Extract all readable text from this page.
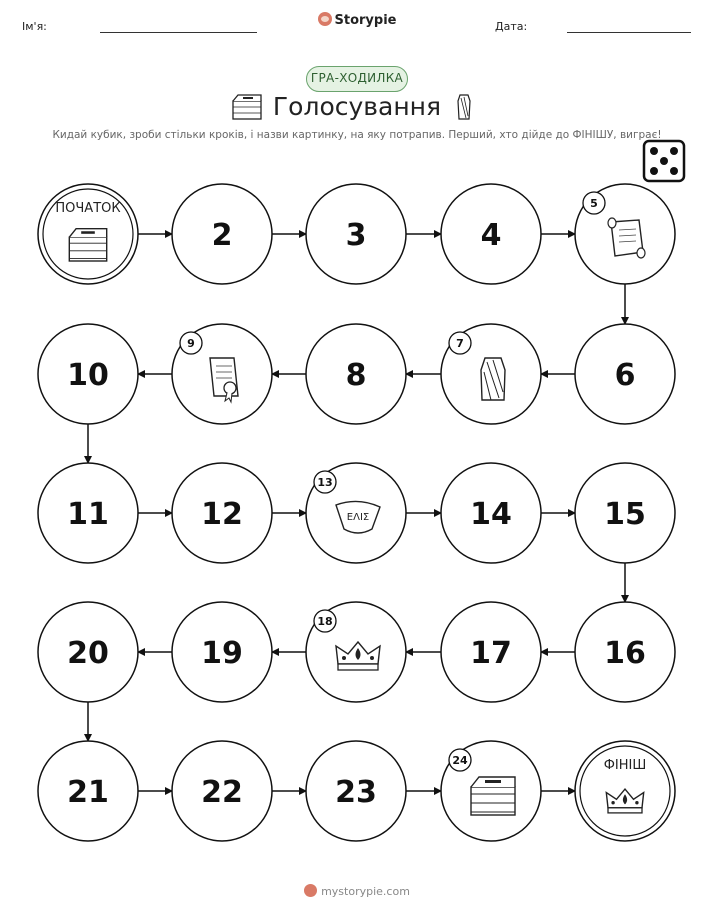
Ім'я:	Storypie	Дата:
ГРА-ХОДИЛКА
Голосування
Кидай кубик, зроби стільки кроків, і назви картинку, на яку потрапив. Перший, хто дійде до ФІНІШУ, виграє!
ПОЧАТОК
2	3	4
5
6
7
8
9
10
11	12	ΕΛΙΣ
13
14	15
16
17
18
19
20
21	22	23
24	ФІНІШ
mystorypie.com
